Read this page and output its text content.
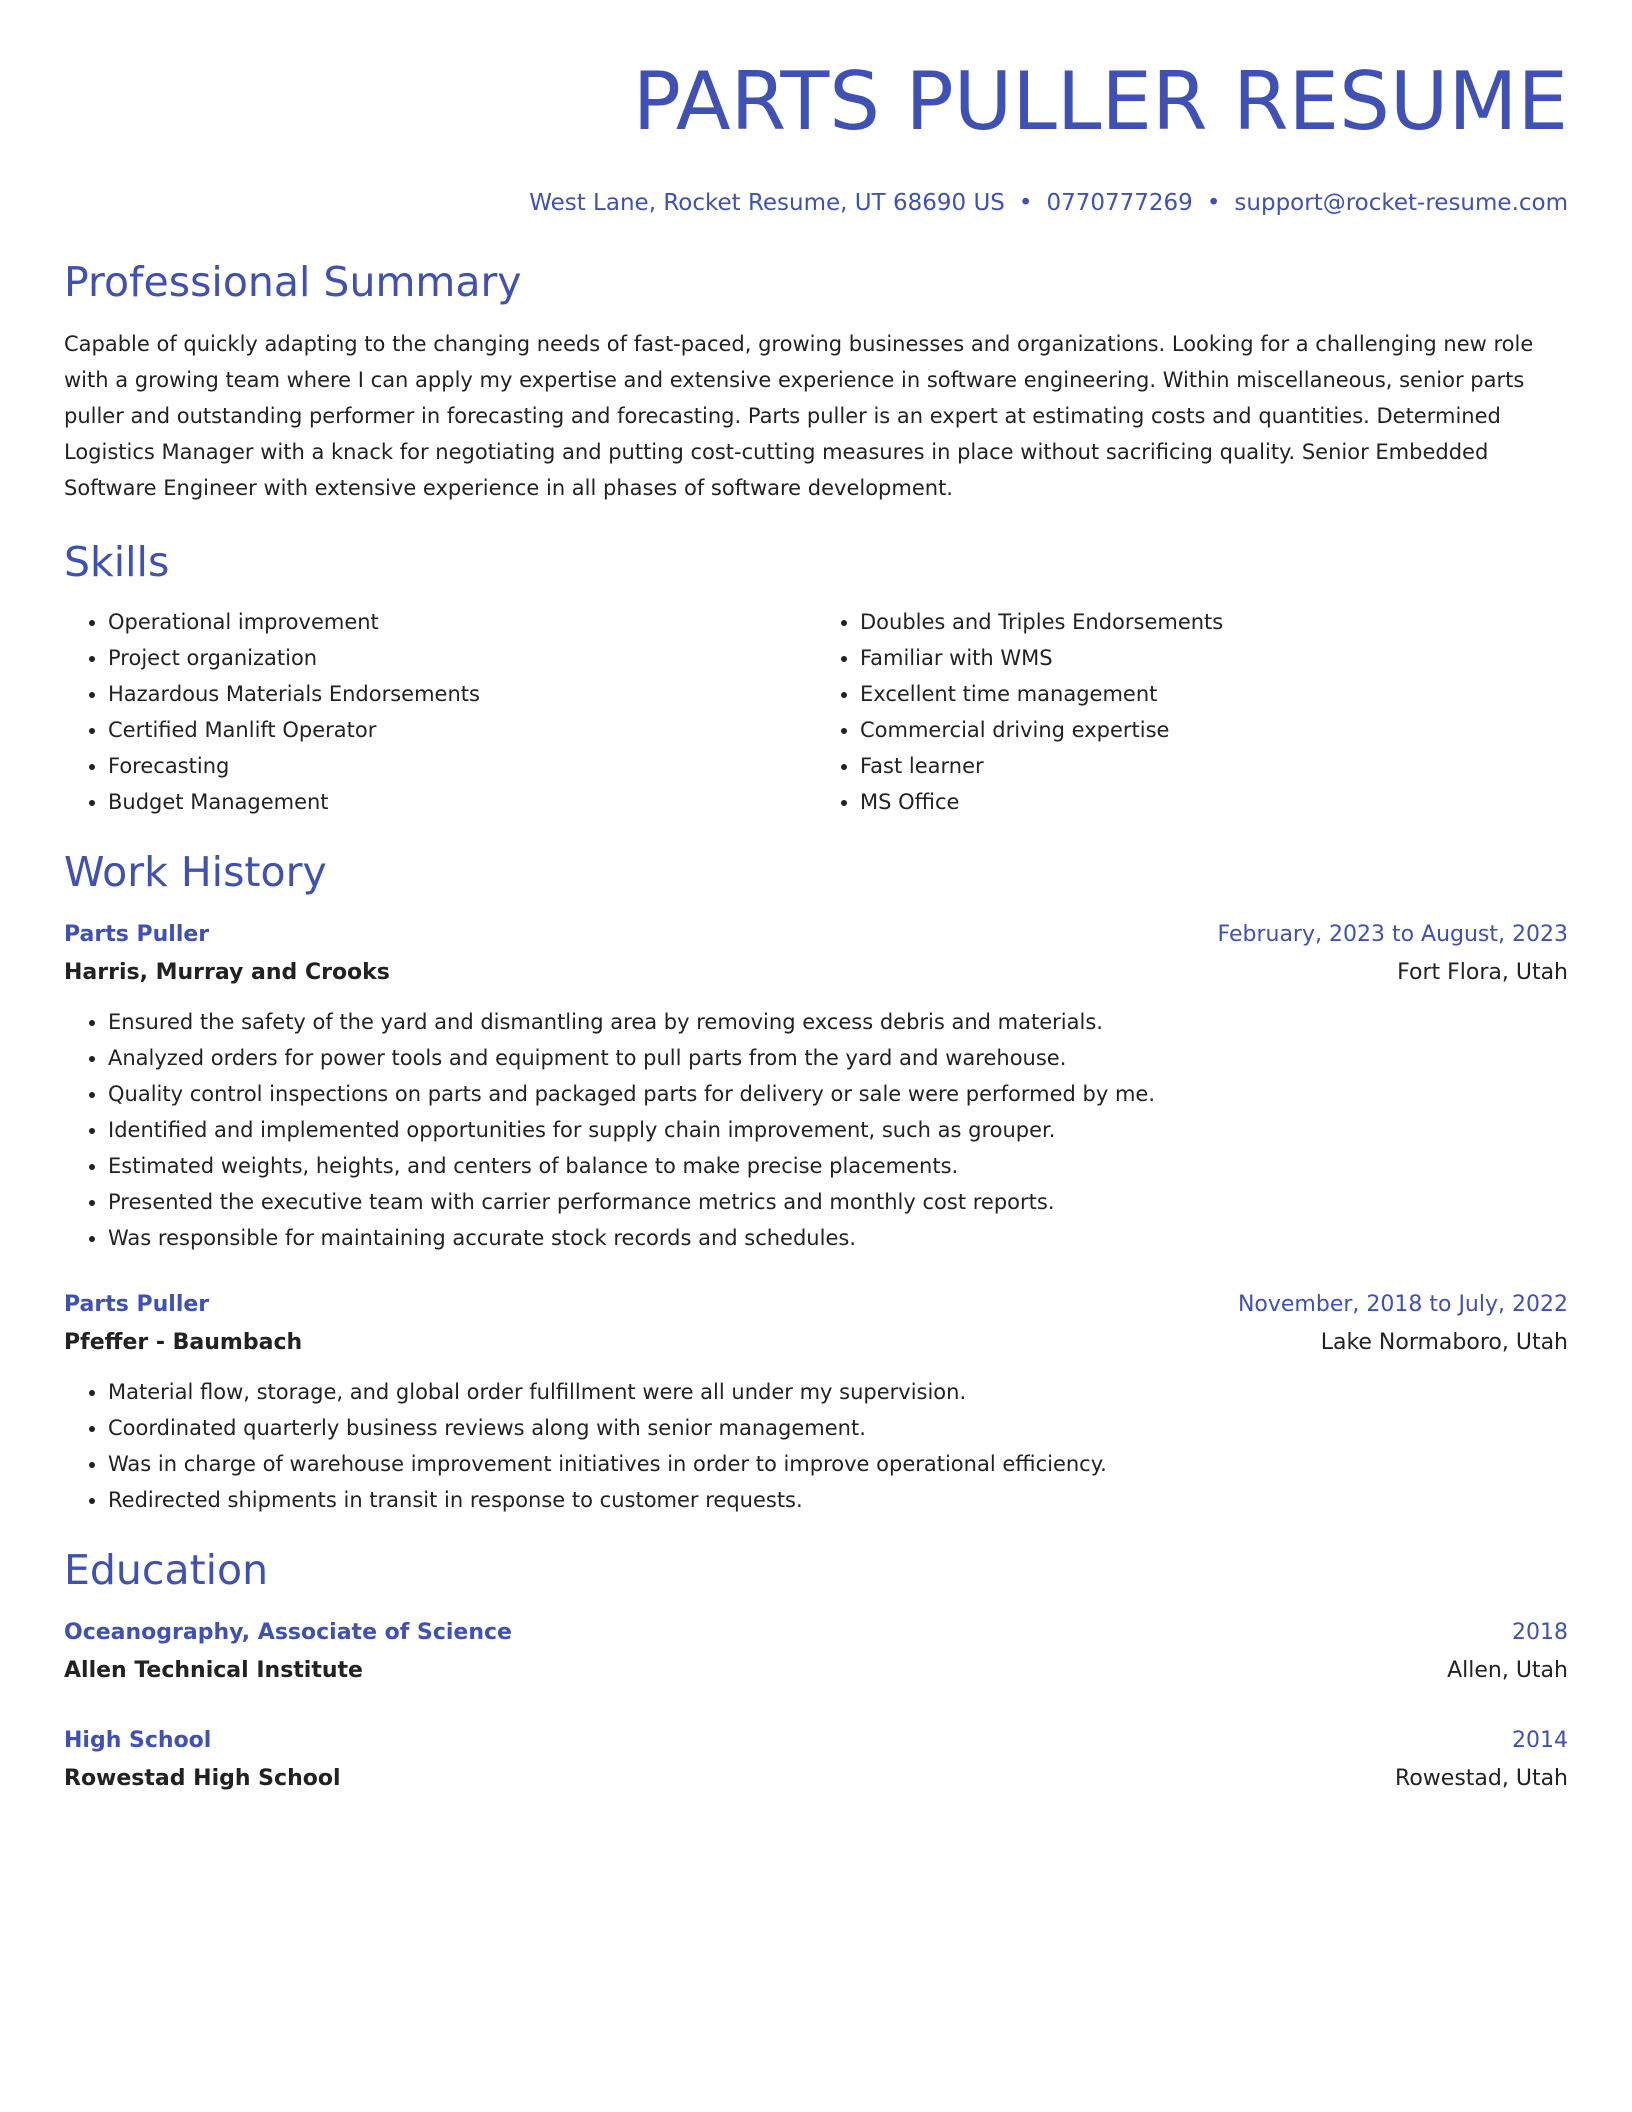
PARTS PULLER RESUME
West Lane, Rocket Resume, UT 68690 US • 0770777269 • support@rocket-resume.com
Professional Summary
Capable of quickly adapting to the changing needs of fast-paced, growing businesses and organizations. Looking for a challenging new role with a growing team where I can apply my expertise and extensive experience in software engineering. Within miscellaneous, senior parts puller and outstanding performer in forecasting and forecasting. Parts puller is an expert at estimating costs and quantities. Determined Logistics Manager with a knack for negotiating and putting cost-cutting measures in place without sacrificing quality. Senior Embedded Software Engineer with extensive experience in all phases of software development.
Skills
• Operational improvement
• Project organization
• Hazardous Materials Endorsements
• Certified Manlift Operator
• Forecasting
• Budget Management
• Doubles and Triples Endorsements
• Familiar with WMS
• Excellent time management
• Commercial driving expertise
• Fast learner
• MS Office
Work History
Parts Puller	February, 2023 to August, 2023
Harris, Murray and Crooks	Fort Flora, Utah
• Ensured the safety of the yard and dismantling area by removing excess debris and materials.
• Analyzed orders for power tools and equipment to pull parts from the yard and warehouse.
• Quality control inspections on parts and packaged parts for delivery or sale were performed by me.
• Identified and implemented opportunities for supply chain improvement, such as grouper.
• Estimated weights, heights, and centers of balance to make precise placements.
• Presented the executive team with carrier performance metrics and monthly cost reports.
• Was responsible for maintaining accurate stock records and schedules.
Parts Puller	November, 2018 to July, 2022
Pfeffer - Baumbach	Lake Normaboro, Utah
• Material flow, storage, and global order fulfillment were all under my supervision.
• Coordinated quarterly business reviews along with senior management.
• Was in charge of warehouse improvement initiatives in order to improve operational efficiency.
• Redirected shipments in transit in response to customer requests.
Education
Oceanography, Associate of Science	2018
Allen Technical Institute	Allen, Utah
High School	2014
Rowestad High School	Rowestad, Utah
